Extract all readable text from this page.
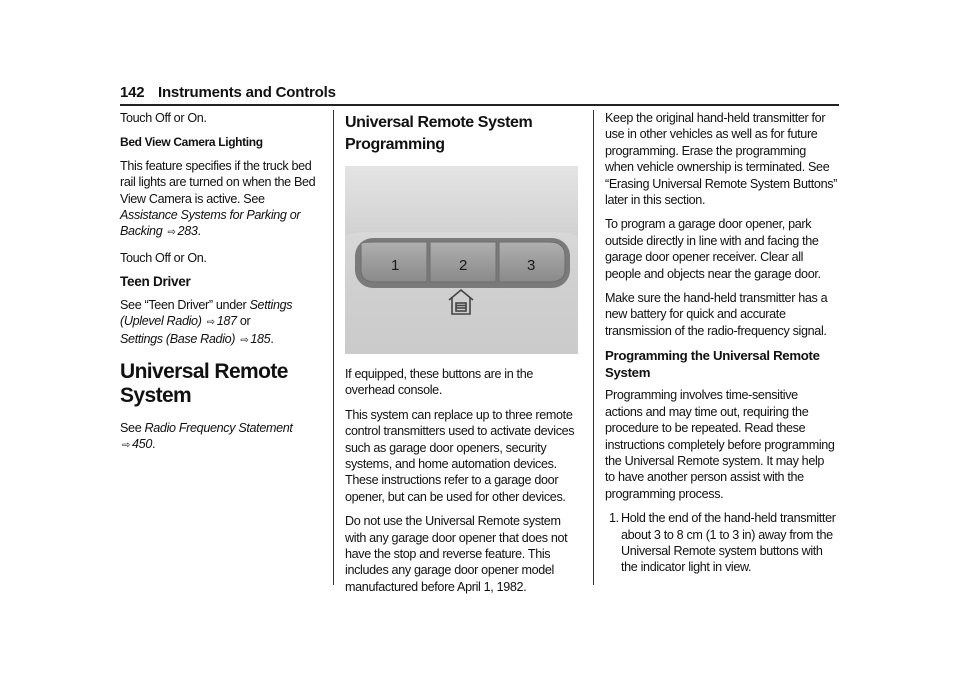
142 Instruments and Controls

Touch Off or On.

Bed View Camera Lighting

This feature specifies if the truck bed rail lights are turned on when the Bed View Camera is active. See Assistance Systems for Parking or Backing ⇨ 283.

Touch Off or On.

Teen Driver

See “Teen Driver” under Settings (Uplevel Radio) ⇨ 187 or
Settings (Base Radio) ⇨ 185.

Universal Remote System

See Radio Frequency Statement ⇨ 450.

Universal Remote System Programming
1	2	3

If equipped, these buttons are in the overhead console.

This system can replace up to three remote control transmitters used to activate devices such as garage door openers, security systems, and home automation devices. These instructions refer to a garage door opener, but can be used for other devices.

Do not use the Universal Remote system with any garage door opener that does not have the stop and reverse feature. This includes any garage door opener model manufactured before April 1, 1982.

Keep the original hand-held transmitter for use in other vehicles as well as for future programming. Erase the programming when vehicle ownership is terminated. See “Erasing Universal Remote System Buttons” later in this section.

To program a garage door opener, park outside directly in line with and facing the garage door opener receiver. Clear all people and objects near the garage door.

Make sure the hand-held transmitter has a new battery for quick and accurate transmission of the radio-frequency signal.

Programming the Universal Remote System

Programming involves time-sensitive actions and may time out, requiring the procedure to be repeated. Read these instructions completely before programming the Universal Remote system. It may help to have another person assist with the programming process.

1. Hold the end of the hand-held transmitter about 3 to 8 cm (1 to 3 in) away from the Universal Remote system buttons with the indicator light in view.
